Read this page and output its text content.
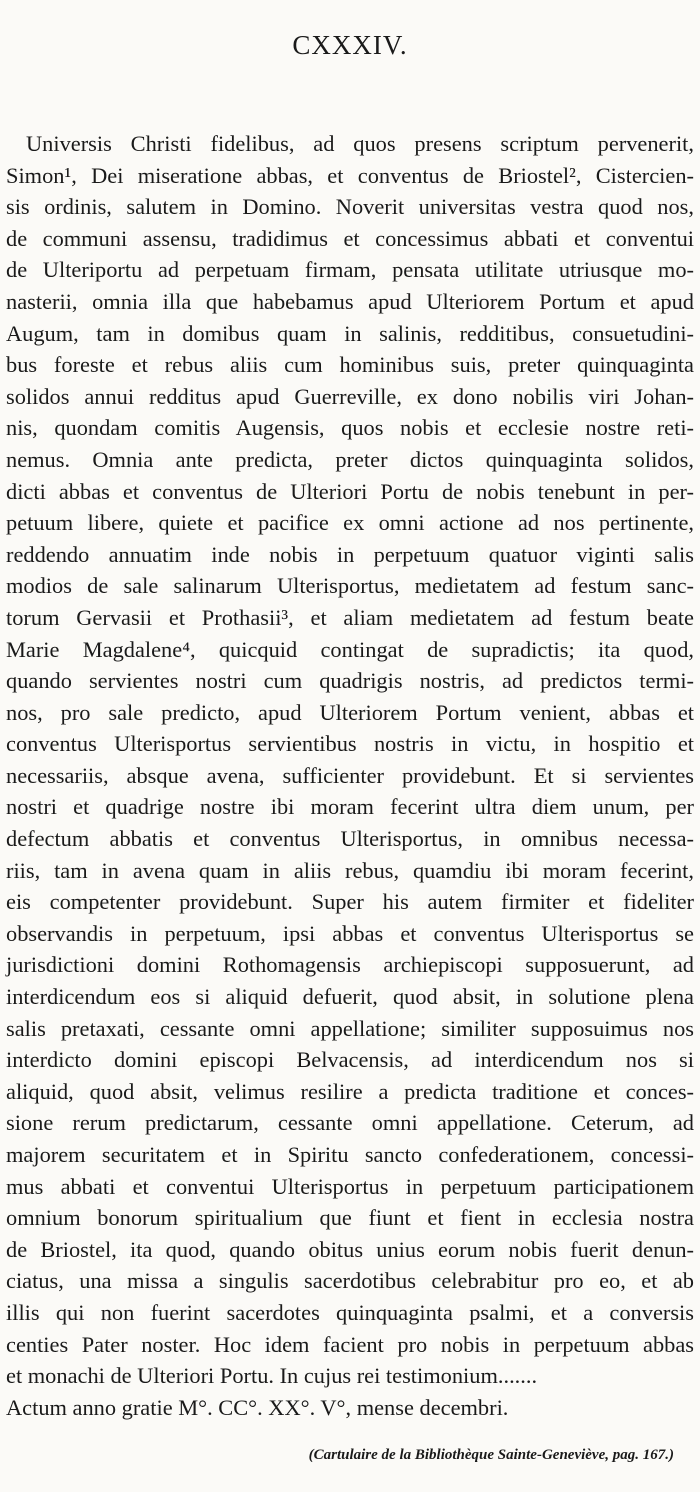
CXXXIV.
Universis Christi fidelibus, ad quos presens scriptum pervenerit,
Simon¹, Dei miseratione abbas, et conventus de Briostel², Cistercien-
sis ordinis, salutem in Domino. Noverit universitas vestra quod nos,
de communi assensu, tradidimus et concessimus abbati et conventui
de Ulteriportu ad perpetuam firmam, pensata utilitate utriusque mo-
nasterii, omnia illa que habebamus apud Ulteriorem Portum et apud
Augum, tam in domibus quam in salinis, redditibus, consuetudini-
bus foreste et rebus aliis cum hominibus suis, preter quinquaginta
solidos annui redditus apud Guerreville, ex dono nobilis viri Johan-
nis, quondam comitis Augensis, quos nobis et ecclesie nostre reti-
nemus. Omnia ante predicta, preter dictos quinquaginta solidos,
dicti abbas et conventus de Ulteriori Portu de nobis tenebunt in per-
petuum libere, quiete et pacifice ex omni actione ad nos pertinente,
reddendo annuatim inde nobis in perpetuum quatuor viginti salis
modios de sale salinarum Ulterisportus, medietatem ad festum sanc-
torum Gervasii et Prothasii³, et aliam medietatem ad festum beate
Marie Magdalene⁴, quicquid contingat de supradictis; ita quod,
quando servientes nostri cum quadrigis nostris, ad predictos termi-
nos, pro sale predicto, apud Ulteriorem Portum venient, abbas et
conventus Ulterisportus servientibus nostris in victu, in hospitio et
necessariis, absque avena, sufficienter providebunt. Et si servientes
nostri et quadrige nostre ibi moram fecerint ultra diem unum, per
defectum abbatis et conventus Ulterisportus, in omnibus necessa-
riis, tam in avena quam in aliis rebus, quamdiu ibi moram fecerint,
eis competenter providebunt. Super his autem firmiter et fideliter
observandis in perpetuum, ipsi abbas et conventus Ulterisportus se
jurisdictioni domini Rothomagensis archiepiscopi supposuerunt, ad
interdicendum eos si aliquid defuerit, quod absit, in solutione plena
salis pretaxati, cessante omni appellatione; similiter supposuimus nos
interdicto domini episcopi Belvacensis, ad interdicendum nos si
aliquid, quod absit, velimus resilire a predicta traditione et conces-
sione rerum predictarum, cessante omni appellatione. Ceterum, ad
majorem securitatem et in Spiritu sancto confederationem, concessi-
mus abbati et conventui Ulterisportus in perpetuum participationem
omnium bonorum spiritualium que fiunt et fient in ecclesia nostra
de Briostel, ita quod, quando obitus unius eorum nobis fuerit denun-
ciatus, una missa a singulis sacerdotibus celebrabitur pro eo, et ab
illis qui non fuerint sacerdotes quinquaginta psalmi, et a conversis
centies Pater noster. Hoc idem facient pro nobis in perpetuum abbas
et monachi de Ulteriori Portu. In cujus rei testimonium.......
Actum anno gratie M°. CC°. XX°. V°, mense decembri.
(Cartulaire de la Bibliothèque Sainte-Geneviève, pag. 167.)
